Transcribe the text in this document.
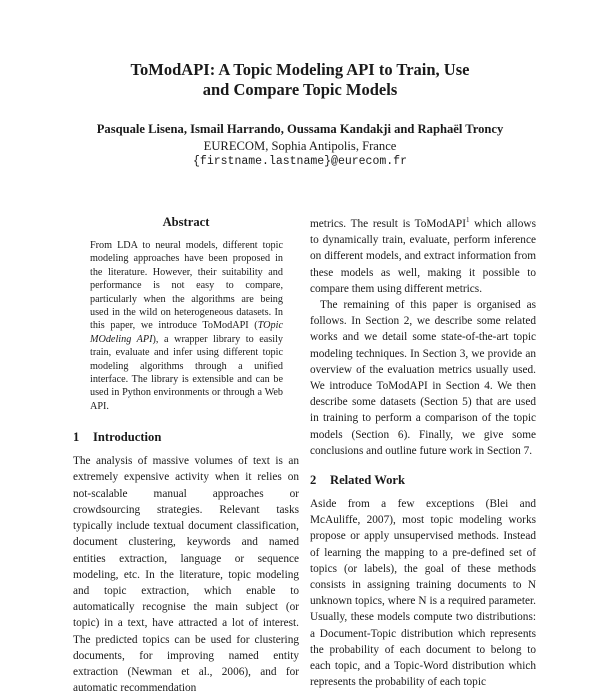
ToModAPI: A Topic Modeling API to Train, Use
and Compare Topic Models
Pasquale Lisena, Ismail Harrando, Oussama Kandakji and Raphaël Troncy
EURECOM, Sophia Antipolis, France
{firstname.lastname}@eurecom.fr
Abstract

From LDA to neural models, different topic modeling approaches have been proposed in the literature. However, their suitability and performance is not easy to compare, particularly when the algorithms are being used in the wild on heterogeneous datasets. In this paper, we introduce ToModAPI (TOpic MOdeling API), a wrapper library to easily train, evaluate and infer using different topic modeling algorithms through a unified interface. The library is extensible and can be used in Python environments or through a Web API.

1 Introduction

The analysis of massive volumes of text is an extremely expensive activity when it relies on not-scalable manual approaches or crowdsourcing strategies. Relevant tasks typically include textual document classification, document clustering, keywords and named entities extraction, language or sequence modeling, etc. In the literature, topic modeling and topic extraction, which enable to automatically recognise the main subject (or topic) in a text, have attracted a lot of interest. The predicted topics can be used for clustering documents, for improving named entity extraction (Newman et al., 2006), and for automatic recommendation

metrics. The result is ToModAPI$^1$ which allows to dynamically train, evaluate, perform inference on different models, and extract information from these models as well, making it possible to compare them using different metrics.

The remaining of this paper is organised as follows. In Section 2, we describe some related works and we detail some state-of-the-art topic modeling techniques. In Section 3, we provide an overview of the evaluation metrics usually used. We introduce ToModAPI in Section 4. We then describe some datasets (Section 5) that are used in training to perform a comparison of the topic models (Section 6). Finally, we give some conclusions and outline future work in Section 7.

2 Related Work

Aside from a few exceptions (Blei and McAuliffe, 2007), most topic modeling works propose or apply unsupervised methods. Instead of learning the mapping to a pre-defined set of topics (or labels), the goal of these methods consists in assigning training documents to N unknown topics, where N is a required parameter. Usually, these models compute two distributions: a Document-Topic distribution which represents the probability of each document to belong to each topic, and a Topic-Word distribution which represents the probability of each topic
